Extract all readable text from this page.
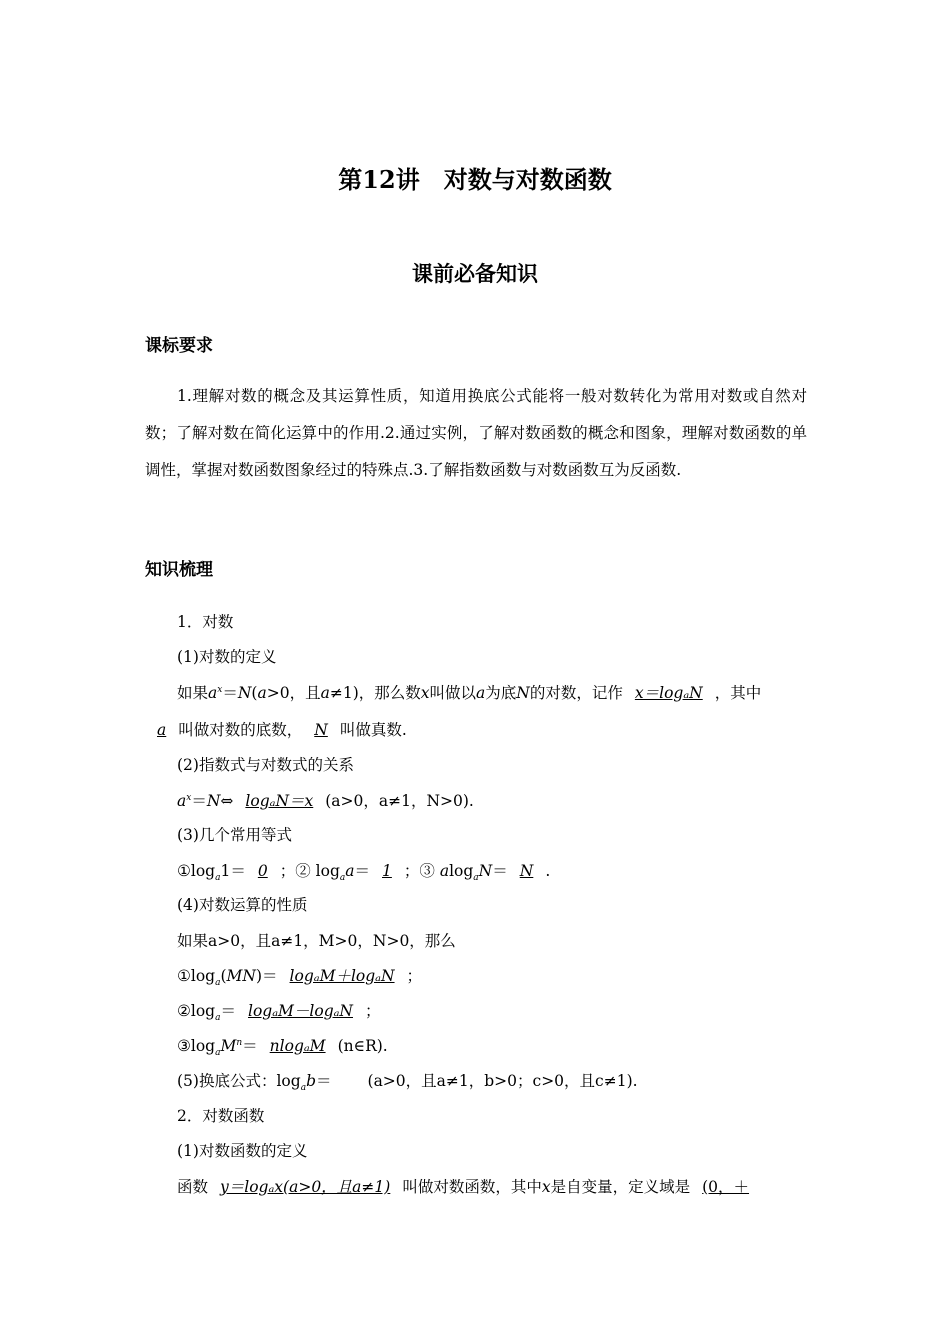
第12讲　对数与对数函数
课前必备知识
课标要求

1.理解对数的概念及其运算性质，知道用换底公式能将一般对数转化为常用对数或自然对数；了解对数在简化运算中的作用.2.通过实例，了解对数函数的概念和图象，理解对数函数的单调性，掌握对数函数图象经过的特殊点.3.了解指数函数与对数函数互为反函数.

知识梳理
1．对数
(1)对数的定义
如果$a^x=N(a>0$，且a≠1)，那么数x叫做以a为底N的对数，记作 x＝logₐN ，其中
a 叫做对数的底数， N 叫做真数.
(2)指数式与对数式的关系
$a^x=N\Leftrightarrow$ logₐN＝x (a>0，a≠1，N>0).
(3)几个常用等式
$①\log_a1= 0$ ；② $\log_aa= 1$ ；③ alog$_a$N＝ N .
(4)对数运算的性质
如果a>0，且a≠1，M>0，N>0，那么
$①\log_a(MN)= \log_aM+\log_aN$ ；
$②\log_a= \log_aM-\log_aN$ ；
$③\log_aM^n= nlog_aM$ (n∈R).
(5)换底公式：$\log_ab= (a>0$，且a≠1，b>0；c>0，且c≠1).
2．对数函数
(1)对数函数的定义
函数 y＝logₐx(a>0，且a≠1) 叫做对数函数，其中x是自变量，定义域是 (0，＋
